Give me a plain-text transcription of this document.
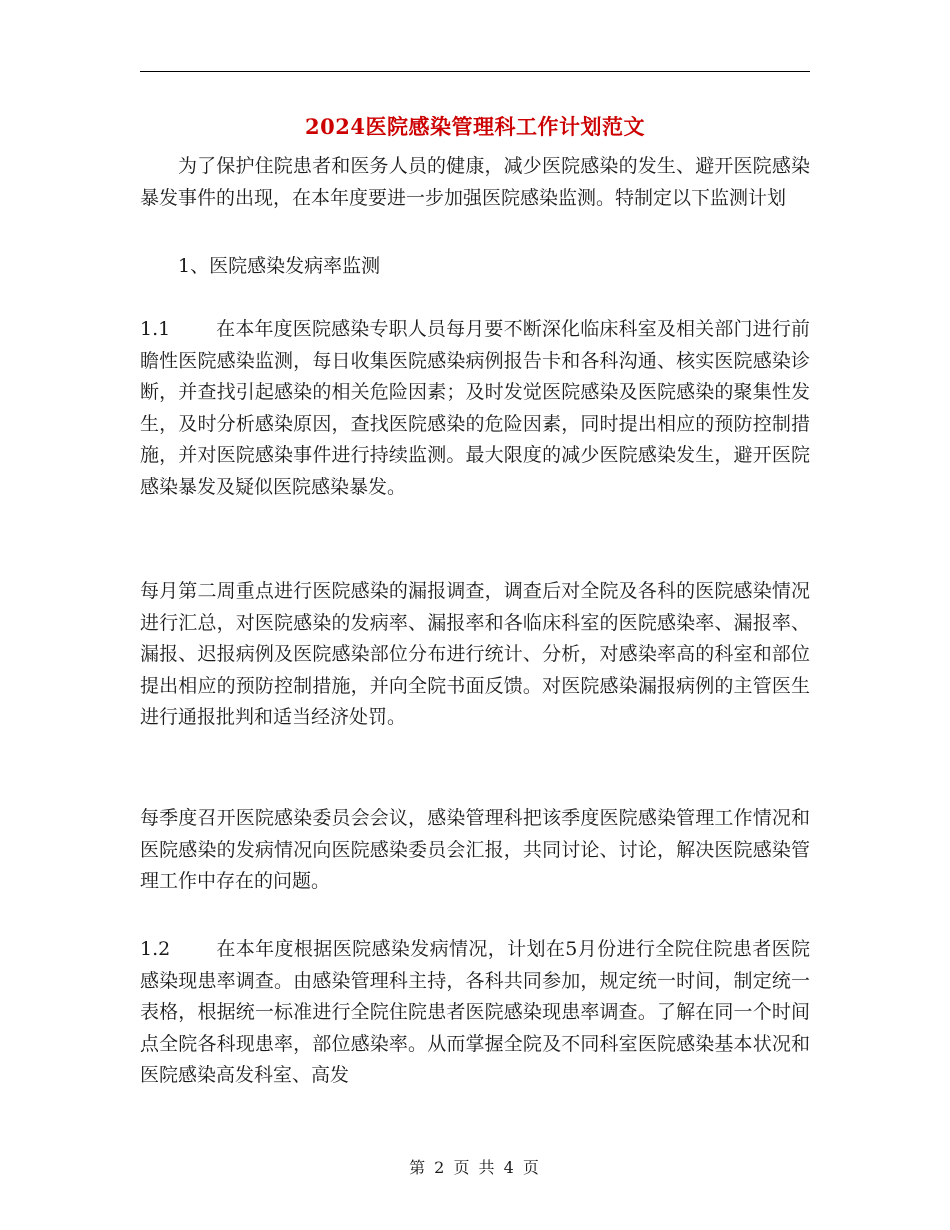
2024医院感染管理科工作计划范文
为了保护住院患者和医务人员的健康，减少医院感染的发生、避开医院感染暴发事件的出现，在本年度要进一步加强医院感染监测。特制定以下监测计划
1、医院感染发病率监测
1.1 在本年度医院感染专职人员每月要不断深化临床科室及相关部门进行前瞻性医院感染监测，每日收集医院感染病例报告卡和各科沟通、核实医院感染诊断，并查找引起感染的相关危险因素；及时发觉医院感染及医院感染的聚集性发生，及时分析感染原因，查找医院感染的危险因素，同时提出相应的预防控制措施，并对医院感染事件进行持续监测。最大限度的减少医院感染发生，避开医院感染暴发及疑似医院感染暴发。
每月第二周重点进行医院感染的漏报调查，调查后对全院及各科的医院感染情况进行汇总，对医院感染的发病率、漏报率和各临床科室的医院感染率、漏报率、漏报、迟报病例及医院感染部位分布进行统计、分析，对感染率高的科室和部位提出相应的预防控制措施，并向全院书面反馈。对医院感染漏报病例的主管医生进行通报批判和适当经济处罚。
每季度召开医院感染委员会会议，感染管理科把该季度医院感染管理工作情况和医院感染的发病情况向医院感染委员会汇报，共同讨论、讨论，解决医院感染管理工作中存在的问题。
1.2 在本年度根据医院感染发病情况，计划在5月份进行全院住院患者医院感染现患率调查。由感染管理科主持，各科共同参加，规定统一时间，制定统一表格，根据统一标准进行全院住院患者医院感染现患率调查。了解在同一个时间点全院各科现患率，部位感染率。从而掌握全院及不同科室医院感染基本状况和医院感染高发科室、高发
第 2 页 共 4 页
